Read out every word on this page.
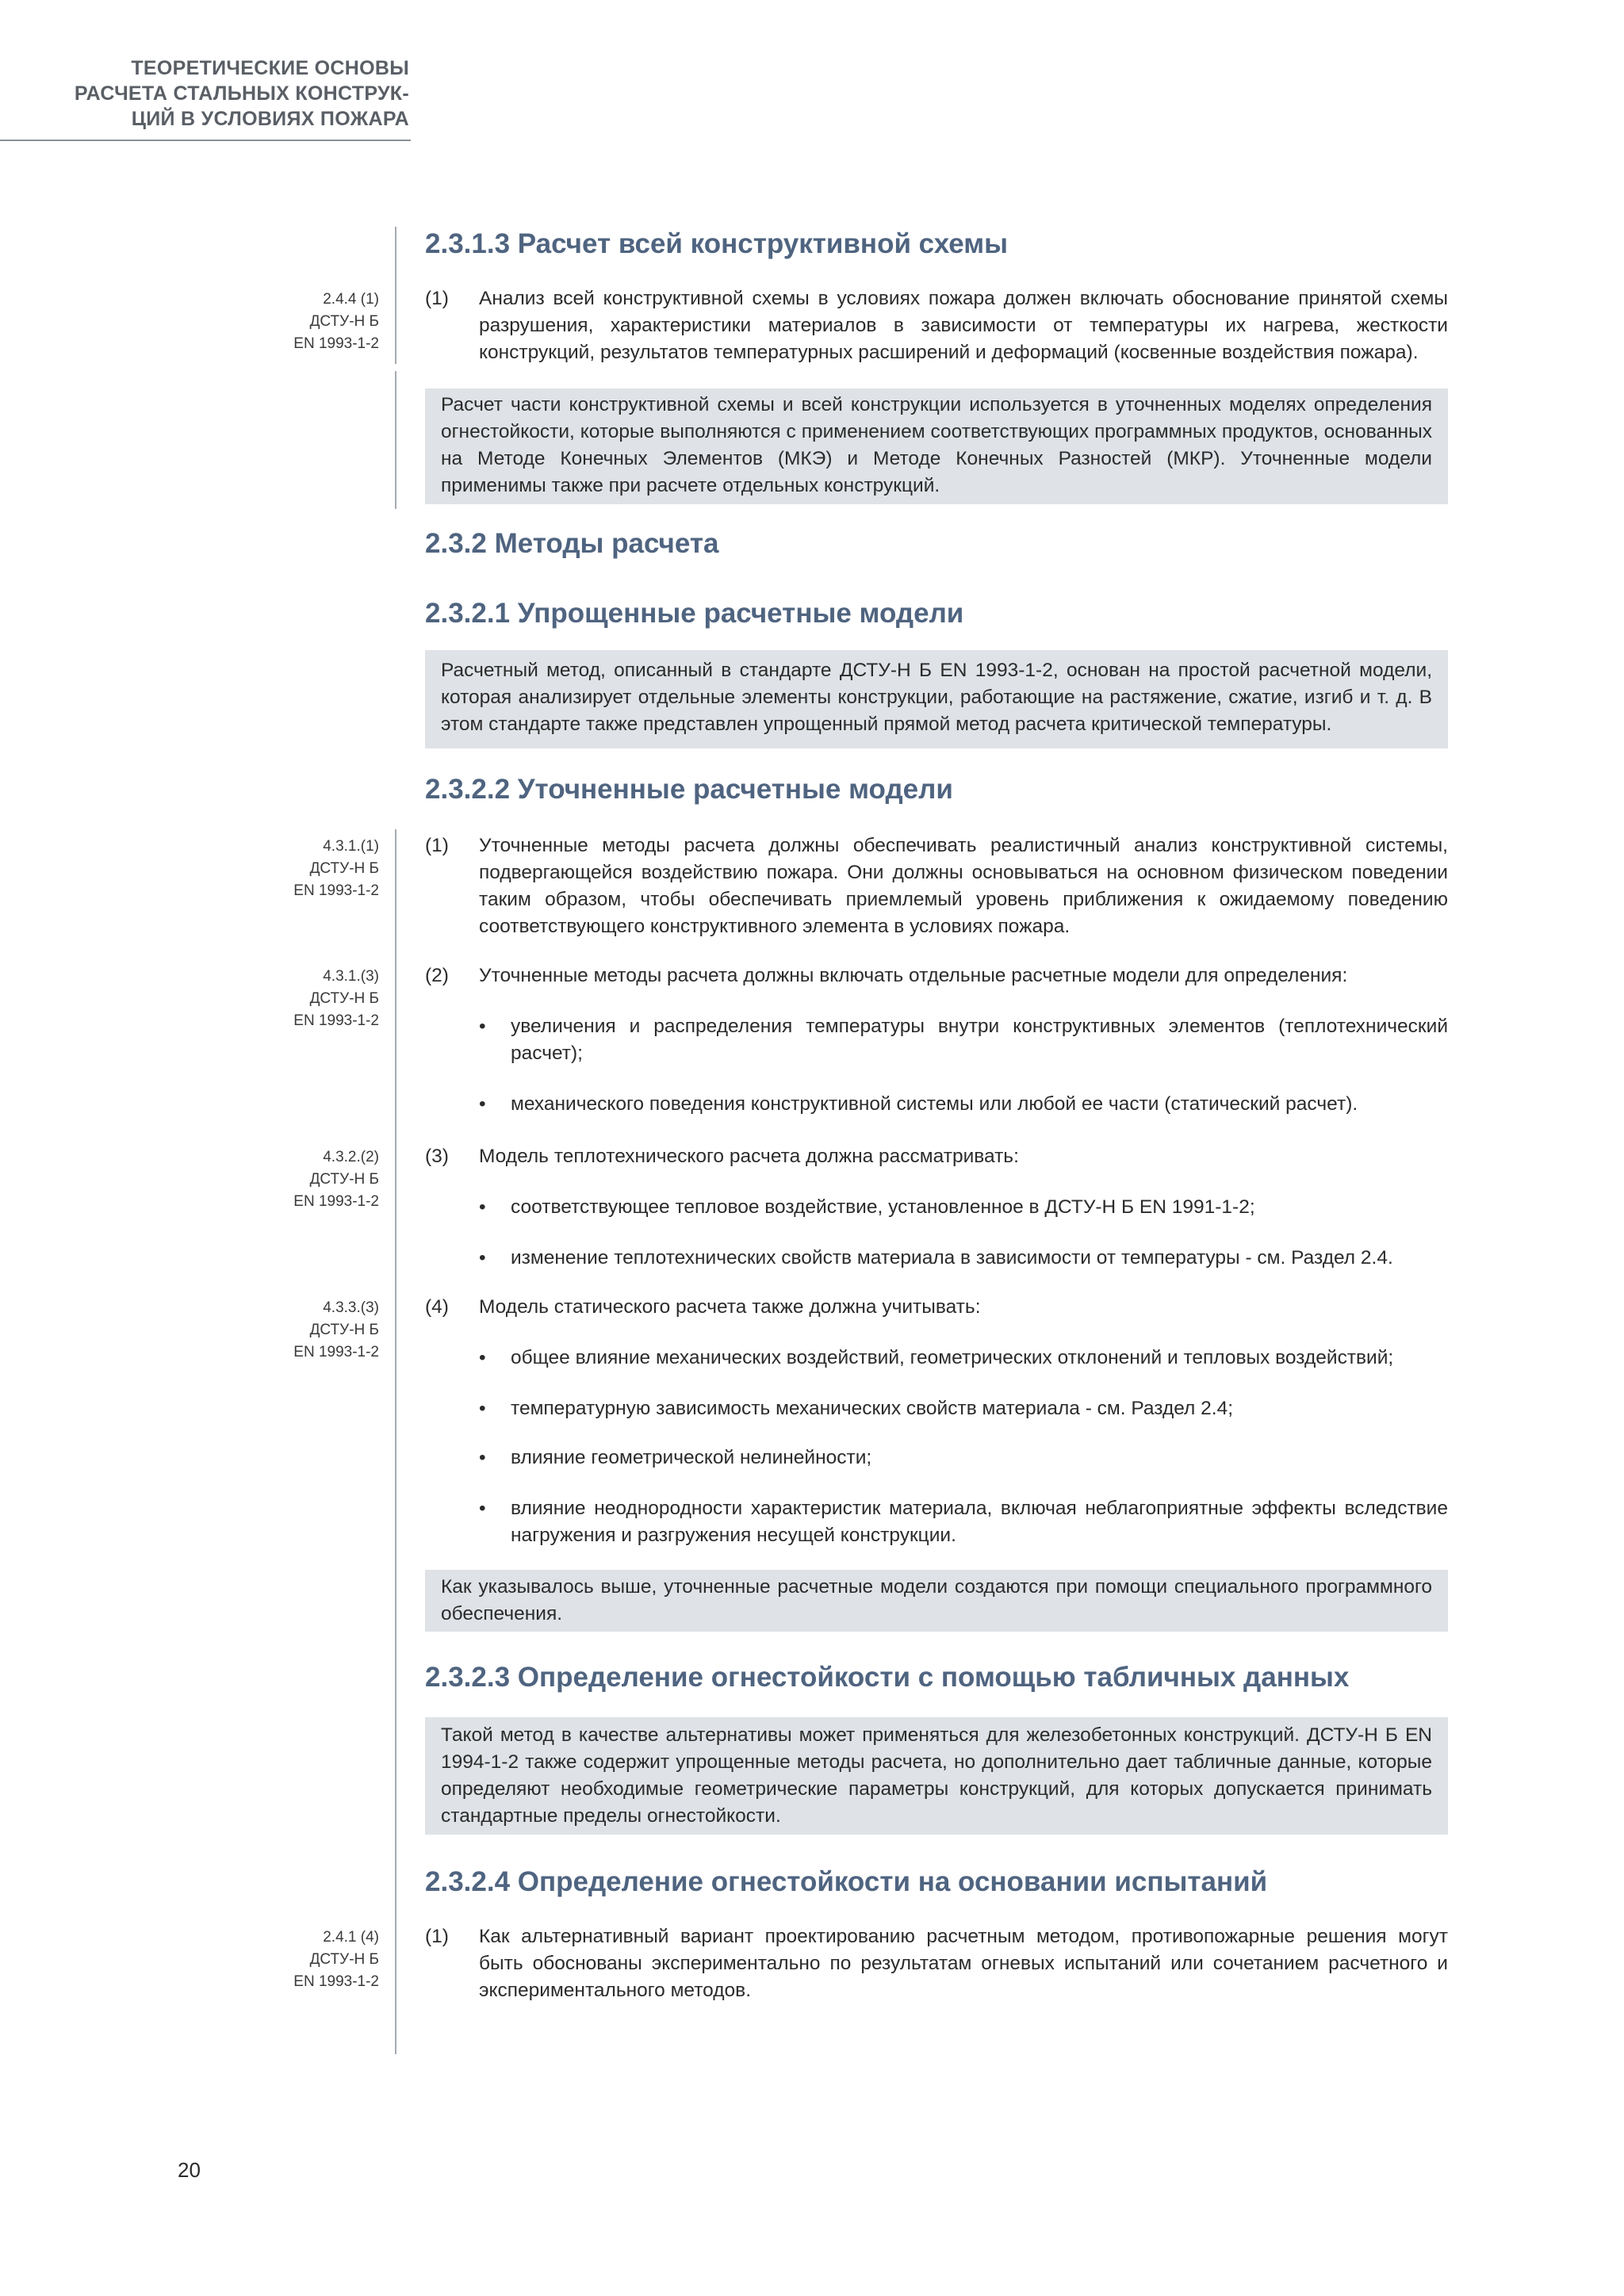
ТЕОРЕТИЧЕСКИЕ ОСНОВЫ
РАСЧЕТА СТАЛЬНЫХ КОНСТРУК-
ЦИЙ В УСЛОВИЯХ ПОЖАРА
2.4.4 (1)
ДСТУ-Н Б
EN 1993-1-2
4.3.1.(1)
ДСТУ-Н Б
EN 1993-1-2
4.3.1.(3)
ДСТУ-Н Б
EN 1993-1-2
4.3.2.(2)
ДСТУ-Н Б
EN 1993-1-2
4.3.3.(3)
ДСТУ-Н Б
EN 1993-1-2
2.4.1 (4)
ДСТУ-Н Б
EN 1993-1-2
2.3.1.3 Расчет всей конструктивной схемы
(1) Анализ всей конструктивной схемы в условиях пожара должен включать обоснование принятой схемы разрушения, характеристики материалов в зависимости от температуры их нагрева, жесткости конструкций, результатов температурных расширений и деформаций (косвенные воздействия пожара).
Расчет части конструктивной схемы и всей конструкции используется в уточненных моделях определения огнестойкости, которые выполняются с применением соответствующих программных продуктов, основанных на Методе Конечных Элементов (МКЭ) и Методе Конечных Разностей (МКР). Уточненные модели применимы также при расчете отдельных конструкций.
2.3.2 Методы расчета
2.3.2.1 Упрощенные расчетные модели
Расчетный метод, описанный в стандарте ДСТУ-Н Б EN 1993-1-2, основан на простой расчетной модели, которая анализирует отдельные элементы конструкции, работающие на растяжение, сжатие, изгиб и т. д. В этом стандарте также представлен упрощенный прямой метод расчета критической температуры.
2.3.2.2 Уточненные расчетные модели
(1) Уточненные методы расчета должны обеспечивать реалистичный анализ конструктивной системы, подвергающейся воздействию пожара. Они должны основываться на основном физическом поведении таким образом, чтобы обеспечивать приемлемый уровень приближения к ожидаемому поведению соответствующего конструктивного элемента в условиях пожара.
(2) Уточненные методы расчета должны включать отдельные расчетные модели для определения:
• увеличения и распределения температуры внутри конструктивных элементов (теплотехнический расчет);
• механического поведения конструктивной системы или любой ее части (статический расчет).
(3) Модель теплотехнического расчета должна рассматривать:
• соответствующее тепловое воздействие, установленное в ДСТУ-Н Б EN 1991-1-2;
• изменение теплотехнических свойств материала в зависимости от температуры - см. Раздел 2.4.
(4) Модель статического расчета также должна учитывать:
• общее влияние механических воздействий, геометрических отклонений и тепловых воздействий;
• температурную зависимость механических свойств материала - см. Раздел 2.4;
• влияние геометрической нелинейности;
• влияние неоднородности характеристик материала, включая неблагоприятные эффекты вследствие нагружения и разгружения несущей конструкции.
Как указывалось выше, уточненные расчетные модели создаются при помощи специального программного обеспечения.
2.3.2.3 Определение огнестойкости с помощью табличных данных
Такой метод в качестве альтернативы может применяться для железобетонных конструкций. ДСТУ-Н Б EN 1994-1-2 также содержит упрощенные методы расчета, но дополнительно дает табличные данные, которые определяют необходимые геометрические параметры конструкций, для которых допускается принимать стандартные пределы огнестойкости.
2.3.2.4 Определение огнестойкости на основании испытаний
(1) Как альтернативный вариант проектированию расчетным методом, противопожарные решения могут быть обоснованы экспериментально по результатам огневых испытаний или сочетанием расчетного и экспериментального методов.
20
